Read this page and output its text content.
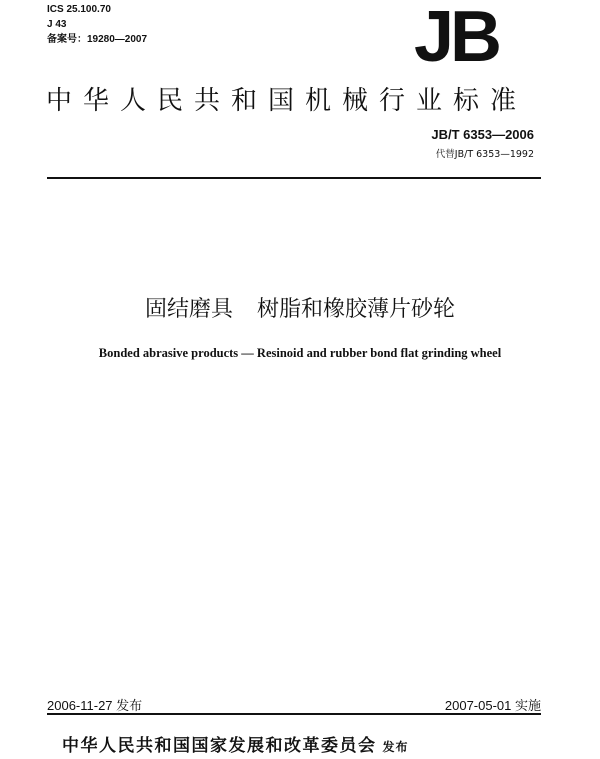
ICS 25.100.70
J 43
备案号：19280—2007	JB
中华人民共和国机械行业标准
JB/T 6353—2006
代替JB/T 6353—1992
固结磨具 树脂和橡胶薄片砂轮
Bonded abrasive products — Resinoid and rubber bond flat grinding wheel
2006-11-27 发布	2007-05-01 实施
中华人民共和国国家发展和改革委员会 发布
